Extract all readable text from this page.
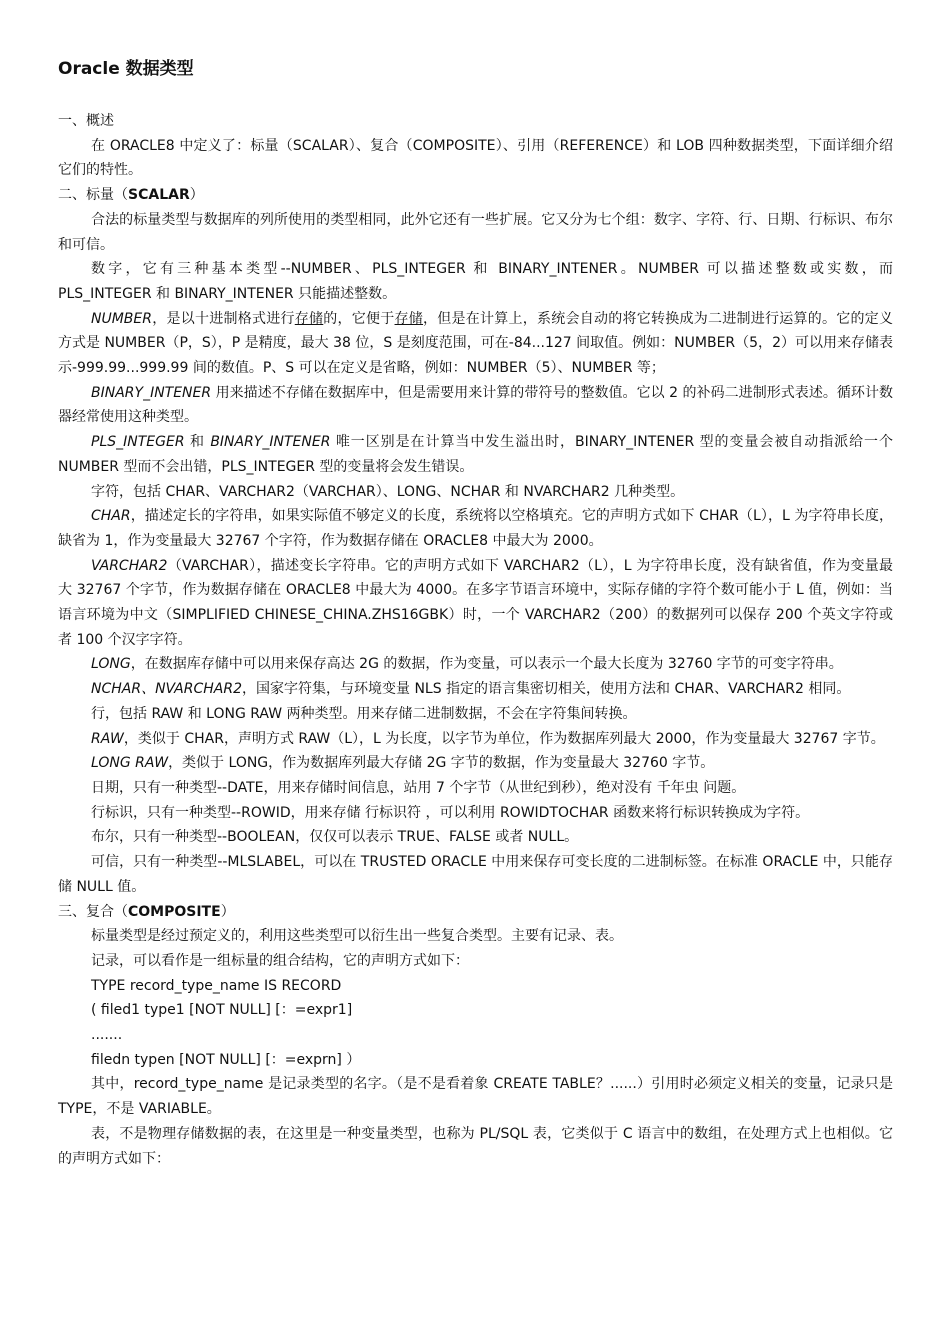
Oracle 数据类型

一、概述

在 ORACLE8 中定义了：标量（SCALAR）、复合（COMPOSITE）、引用（REFERENCE）和 LOB 四种数据类型，下面详细介绍它们的特性。

二、标量（SCALAR）

合法的标量类型与数据库的列所使用的类型相同，此外它还有一些扩展。它又分为七个组：数字、字符、行、日期、行标识、布尔和可信。

数字，它有三种基本类型--NUMBER、PLS_INTEGER 和 BINARY_INTENER。NUMBER 可以描述整数或实数，而 PLS_INTEGER 和 BINARY_INTENER 只能描述整数。

NUMBER，是以十进制格式进行存储的，它便于存储，但是在计算上，系统会自动的将它转换成为二进制进行运算的。它的定义方式是 NUMBER（P，S），P 是精度，最大 38 位，S 是刻度范围，可在-84...127 间取值。例如：NUMBER（5，2）可以用来存储表示-999.99...999.99 间的数值。P、S 可以在定义是省略，例如：NUMBER（5）、NUMBER 等；

BINARY_INTENER 用来描述不存储在数据库中，但是需要用来计算的带符号的整数值。它以 2 的补码二进制形式表述。循环计数器经常使用这种类型。

PLS_INTEGER 和 BINARY_INTENER 唯一区别是在计算当中发生溢出时，BINARY_INTENER 型的变量会被自动指派给一个 NUMBER 型而不会出错，PLS_INTEGER 型的变量将会发生错误。

字符，包括 CHAR、VARCHAR2（VARCHAR）、LONG、NCHAR 和 NVARCHAR2 几种类型。

CHAR，描述定长的字符串，如果实际值不够定义的长度，系统将以空格填充。它的声明方式如下 CHAR（L），L 为字符串长度，缺省为 1，作为变量最大 32767 个字符，作为数据存储在 ORACLE8 中最大为 2000。

VARCHAR2（VARCHAR），描述变长字符串。它的声明方式如下 VARCHAR2（L），L 为字符串长度，没有缺省值，作为变量最大 32767 个字节，作为数据存储在 ORACLE8 中最大为 4000。在多字节语言环境中，实际存储的字符个数可能小于 L 值，例如：当语言环境为中文（SIMPLIFIED CHINESE_CHINA.ZHS16GBK）时，一个 VARCHAR2（200）的数据列可以保存 200 个英文字符或者 100 个汉字字符。

LONG，在数据库存储中可以用来保存高达 2G 的数据，作为变量，可以表示一个最大长度为 32760 字节的可变字符串。

NCHAR、NVARCHAR2，国家字符集，与环境变量 NLS 指定的语言集密切相关，使用方法和 CHAR、VARCHAR2 相同。

行，包括 RAW 和 LONG RAW 两种类型。用来存储二进制数据，不会在字符集间转换。

RAW，类似于 CHAR，声明方式 RAW（L），L 为长度，以字节为单位，作为数据库列最大 2000，作为变量最大 32767 字节。

LONG RAW，类似于 LONG，作为数据库列最大存储 2G 字节的数据，作为变量最大 32760 字节。

日期，只有一种类型--DATE，用来存储时间信息，站用 7 个字节（从世纪到秒），绝对没有 千年虫 问题。

行标识，只有一种类型--ROWID，用来存储 行标识符 ，可以利用 ROWIDTOCHAR 函数来将行标识转换成为字符。

布尔，只有一种类型--BOOLEAN，仅仅可以表示 TRUE、FALSE 或者 NULL。

可信，只有一种类型--MLSLABEL，可以在 TRUSTED ORACLE 中用来保存可变长度的二进制标签。在标准 ORACLE 中，只能存储 NULL 值。

三、复合（COMPOSITE）

标量类型是经过预定义的，利用这些类型可以衍生出一些复合类型。主要有记录、表。

记录，可以看作是一组标量的组合结构，它的声明方式如下：

TYPE record_type_name IS RECORD

( filed1 type1 [NOT NULL] [：=expr1]

.......

filedn typen [NOT NULL] [：=exprn] ）

其中，record_type_name 是记录类型的名字。（是不是看着象 CREATE TABLE？......）引用时必须定义相关的变量，记录只是 TYPE，不是 VARIABLE。

表，不是物理存储数据的表，在这里是一种变量类型，也称为 PL/SQL 表，它类似于 C 语言中的数组，在处理方式上也相似。它的声明方式如下：
